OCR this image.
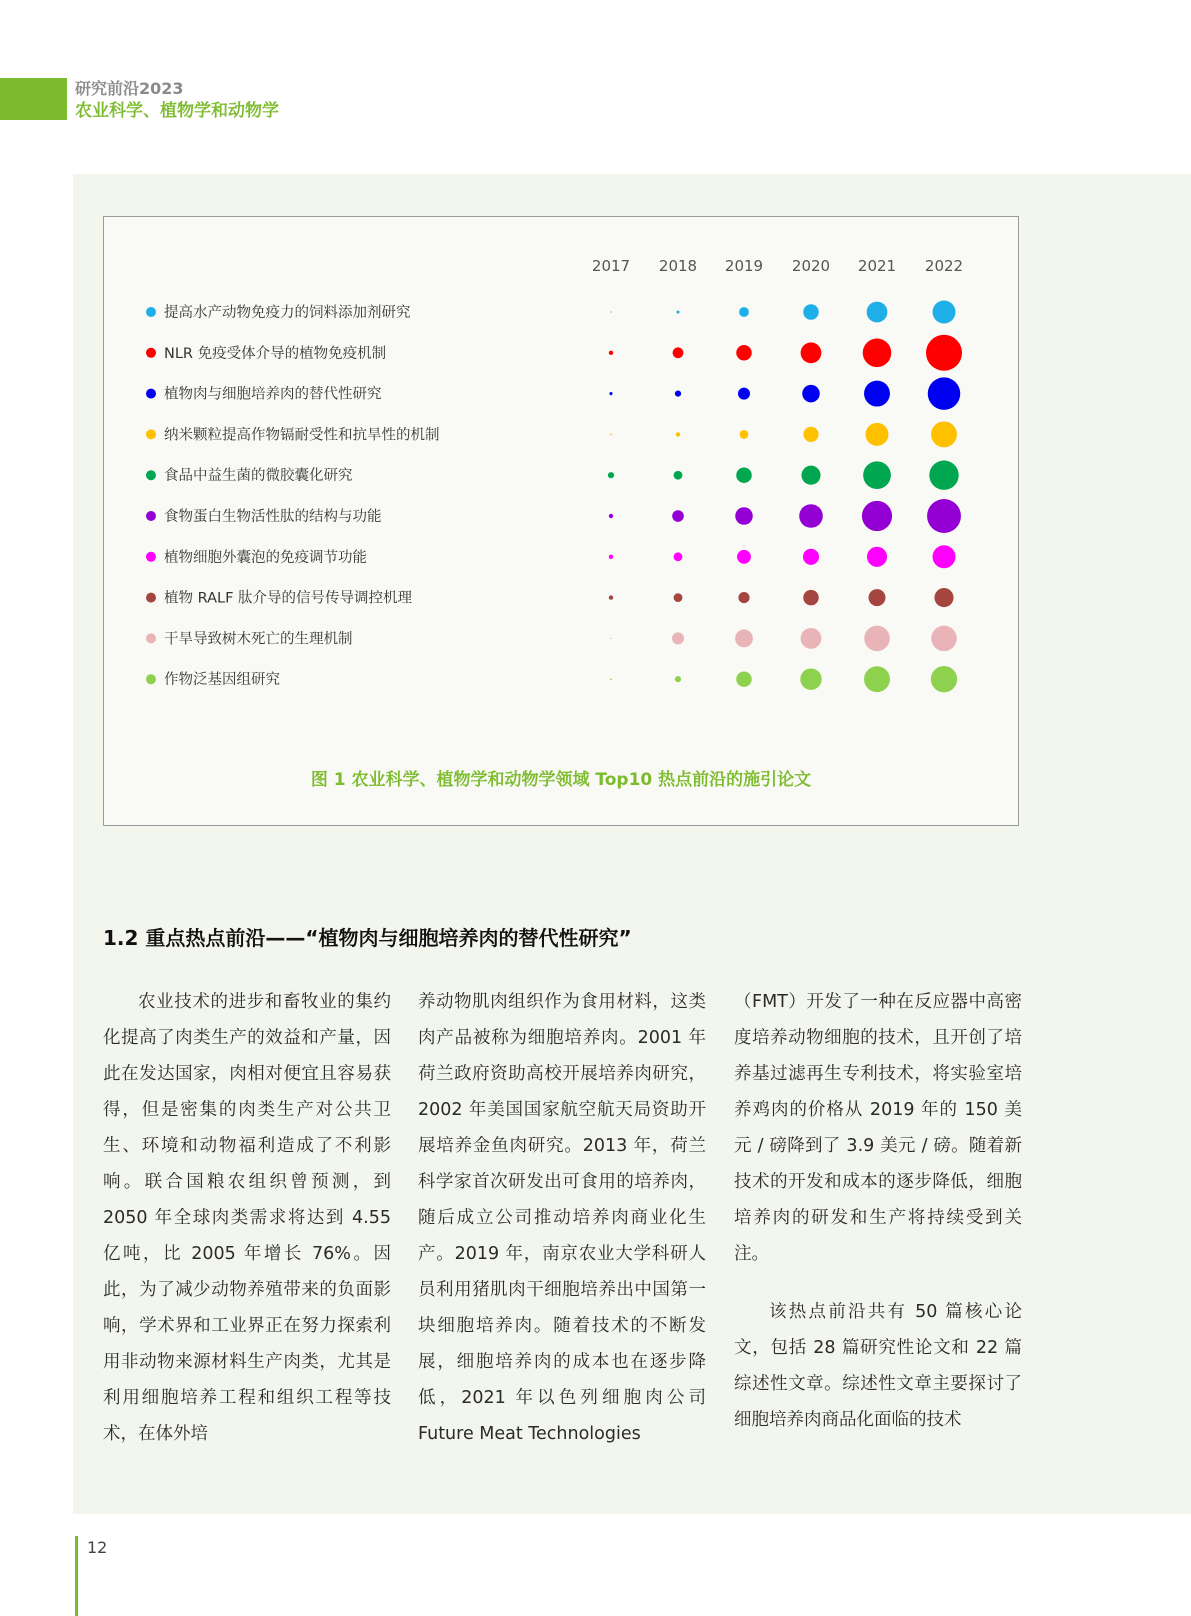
研究前沿2023
农业科学、植物学和动物学
2017 2018 2019 2020 2021 2022
提高水产动物免疫力的饲料添加剂研究
NLR 免疫受体介导的植物免疫机制
植物肉与细胞培养肉的替代性研究
纳米颗粒提高作物镉耐受性和抗旱性的机制
食品中益生菌的微胶囊化研究
食物蛋白生物活性肽的结构与功能
植物细胞外囊泡的免疫调节功能
植物 RALF 肽介导的信号传导调控机理
干旱导致树木死亡的生理机制
作物泛基因组研究
图 1 农业科学、植物学和动物学领域 Top10 热点前沿的施引论文
1.2 重点热点前沿——“植物肉与细胞培养肉的替代性研究”

农业技术的进步和畜牧业的集约化提高了肉类生产的效益和产量，因此在发达国家，肉相对便宜且容易获得，但是密集的肉类生产对公共卫生、环境和动物福利造成了不利影响。联合国粮农组织曾预测，到 2050 年全球肉类需求将达到 4.55 亿吨，比 2005 年增长 76%。因此，为了减少动物养殖带来的负面影响，学术界和工业界正在努力探索利用非动物来源材料生产肉类，尤其是利用细胞培养工程和组织工程等技术，在体外培

养动物肌肉组织作为食用材料，这类肉产品被称为细胞培养肉。2001 年荷兰政府资助高校开展培养肉研究，2002 年美国国家航空航天局资助开展培养金鱼肉研究。2013 年，荷兰科学家首次研发出可食用的培养肉，随后成立公司推动培养肉商业化生产。2019 年，南京农业大学科研人员利用猪肌肉干细胞培养出中国第一块细胞培养肉。随着技术的不断发展，细胞培养肉的成本也在逐步降低，2021 年以色列细胞肉公司 Future Meat Technologies

（FMT）开发了一种在反应器中高密度培养动物细胞的技术，且开创了培养基过滤再生专利技术，将实验室培养鸡肉的价格从 2019 年的 150 美元 / 磅降到了 3.9 美元 / 磅。随着新技术的开发和成本的逐步降低，细胞培养肉的研发和生产将持续受到关注。

该热点前沿共有 50 篇核心论文，包括 28 篇研究性论文和 22 篇综述性文章。综述性文章主要探讨了细胞培养肉商品化面临的技术

12
